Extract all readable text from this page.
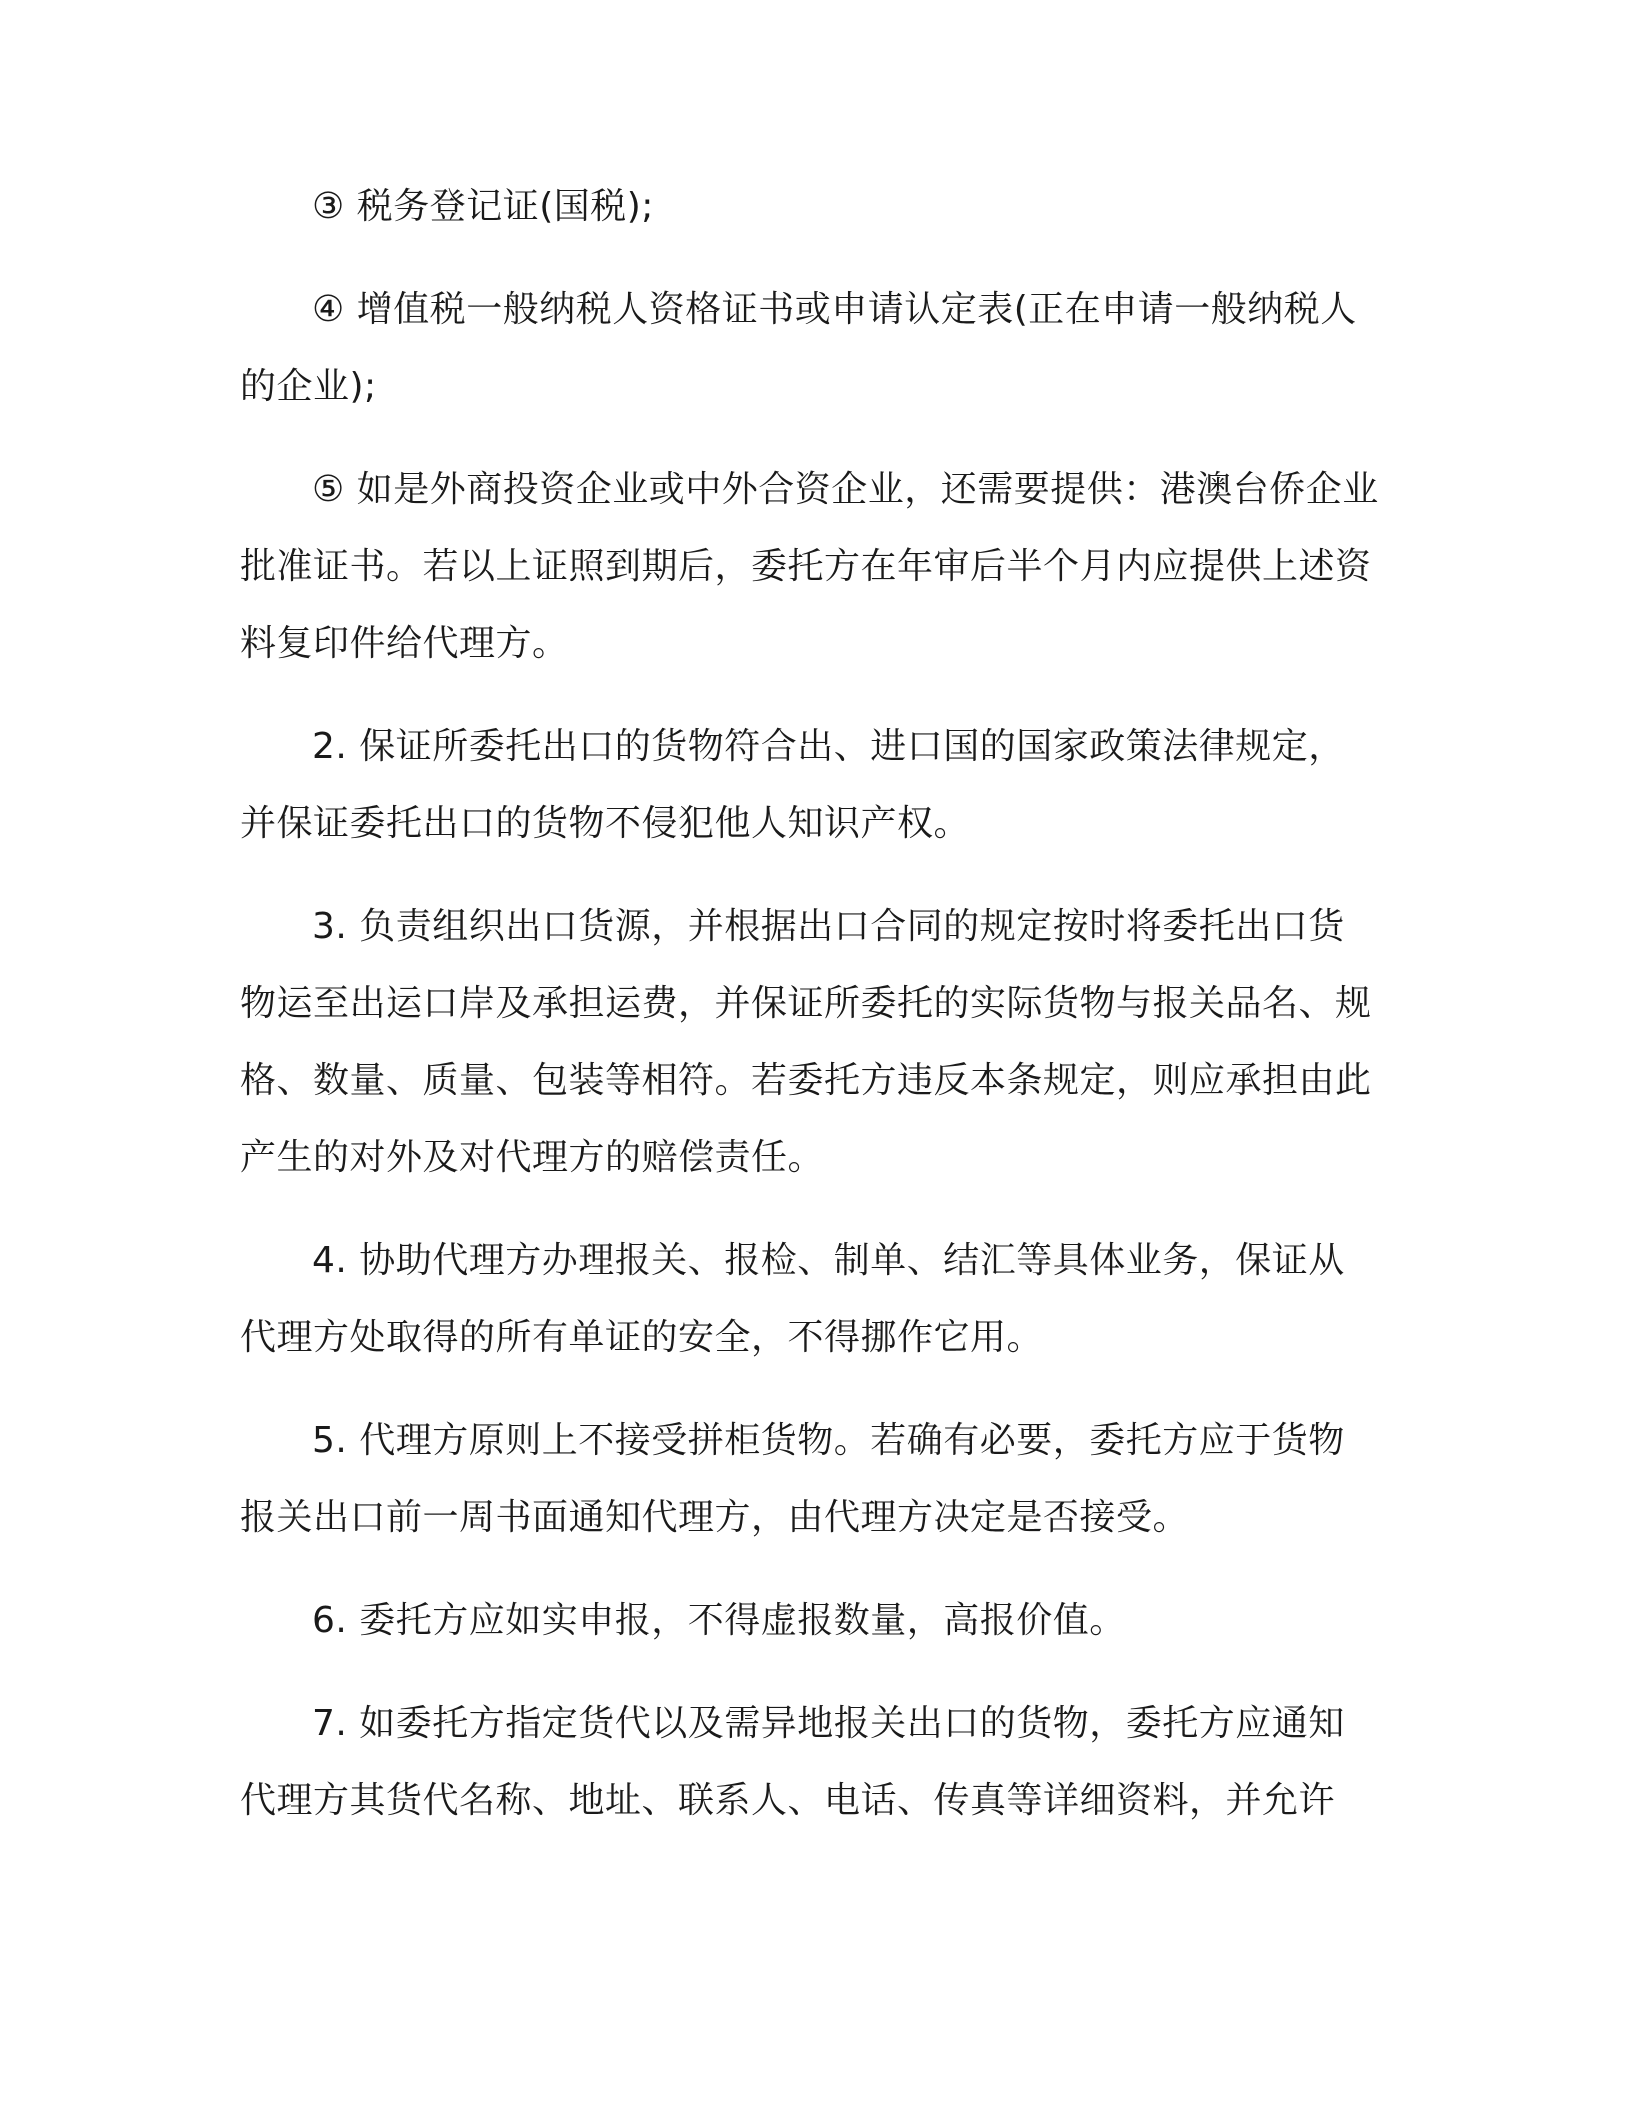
③ 税务登记证(国税);

④ 增值税一般纳税人资格证书或申请认定表(正在申请一般纳税人的企业);

⑤ 如是外商投资企业或中外合资企业，还需要提供：港澳台侨企业批准证书。若以上证照到期后，委托方在年审后半个月内应提供上述资料复印件给代理方。

2. 保证所委托出口的货物符合出、进口国的国家政策法律规定，并保证委托出口的货物不侵犯他人知识产权。

3. 负责组织出口货源，并根据出口合同的规定按时将委托出口货物运至出运口岸及承担运费，并保证所委托的实际货物与报关品名、规格、数量、质量、包装等相符。若委托方违反本条规定，则应承担由此产生的对外及对代理方的赔偿责任。

4. 协助代理方办理报关、报检、制单、结汇等具体业务，保证从代理方处取得的所有单证的安全，不得挪作它用。

5. 代理方原则上不接受拼柜货物。若确有必要，委托方应于货物报关出口前一周书面通知代理方，由代理方决定是否接受。

6. 委托方应如实申报，不得虚报数量，高报价值。

7. 如委托方指定货代以及需异地报关出口的货物，委托方应通知代理方其货代名称、地址、联系人、电话、传真等详细资料，并允许
